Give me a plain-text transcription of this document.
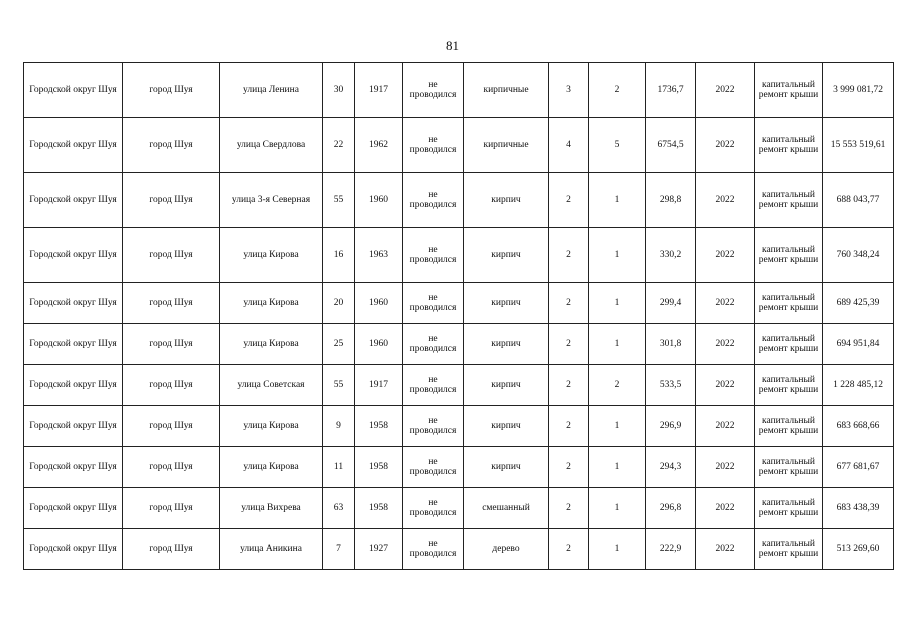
81
Городской округ Шуя	город Шуя	улица Ленина	30	1917	не проводился	кирпичные	3	2	1736,7	2022	капитальный ремонт крыши	3 999 081,72
Городской округ Шуя	город Шуя	улица Свердлова	22	1962	не проводился	кирпичные	4	5	6754,5	2022	капитальный ремонт крыши	15 553 519,61
Городской округ Шуя	город Шуя	улица 3-я Северная	55	1960	не проводился	кирпич	2	1	298,8	2022	капитальный ремонт крыши	688 043,77
Городской округ Шуя	город Шуя	улица Кирова	16	1963	не проводился	кирпич	2	1	330,2	2022	капитальный ремонт крыши	760 348,24
Городской округ Шуя	город Шуя	улица Кирова	20	1960	не проводился	кирпич	2	1	299,4	2022	капитальный ремонт крыши	689 425,39
Городской округ Шуя	город Шуя	улица Кирова	25	1960	не проводился	кирпич	2	1	301,8	2022	капитальный ремонт крыши	694 951,84
Городской округ Шуя	город Шуя	улица Советская	55	1917	не проводился	кирпич	2	2	533,5	2022	капитальный ремонт крыши	1 228 485,12
Городской округ Шуя	город Шуя	улица Кирова	9	1958	не проводился	кирпич	2	1	296,9	2022	капитальный ремонт крыши	683 668,66
Городской округ Шуя	город Шуя	улица Кирова	11	1958	не проводился	кирпич	2	1	294,3	2022	капитальный ремонт крыши	677 681,67
Городской округ Шуя	город Шуя	улица Вихрева	63	1958	не проводился	смешанный	2	1	296,8	2022	капитальный ремонт крыши	683 438,39
Городской округ Шуя	город Шуя	улица Аникина	7	1927	не проводился	дерево	2	1	222,9	2022	капитальный ремонт крыши	513 269,60
